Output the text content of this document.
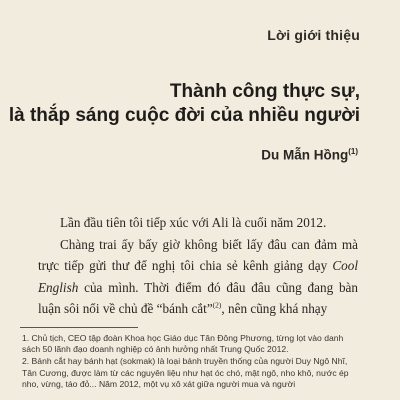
Lời giới thiệu
Thành công thực sự,
là thắp sáng cuộc đời của nhiều người
Du Mẫn Hồng$^{(1)}$

Lần đầu tiên tôi tiếp xúc với Ali là cuối năm 2012.

Chàng trai ấy bấy giờ không biết lấy đâu can đảm mà trực tiếp gửi thư để nghị tôi chia sẻ kênh giảng dạy Cool English của mình. Thời điểm đó đâu đâu cũng đang bàn luận sôi nổi về chủ đề “bánh cắt”$^{(2)}$, nên cũng khá nhạy

1. Chủ tịch, CEO tập đoàn Khoa học Giáo dục Tân Đông Phương, từng lọt vào danh sách 50 lãnh đạo doanh nghiệp có ảnh hưởng nhất Trung Quốc 2012.

2. Bánh cắt hay bánh hạt (sokmak) là loại bánh truyền thống của người Duy Ngô Nhĩ, Tân Cương, được làm từ các nguyên liệu như hạt óc chó, mật ngô, nho khô, nước ép nho, vừng, táo đỏ... Năm 2012, một vụ xô xát giữa người mua và người
